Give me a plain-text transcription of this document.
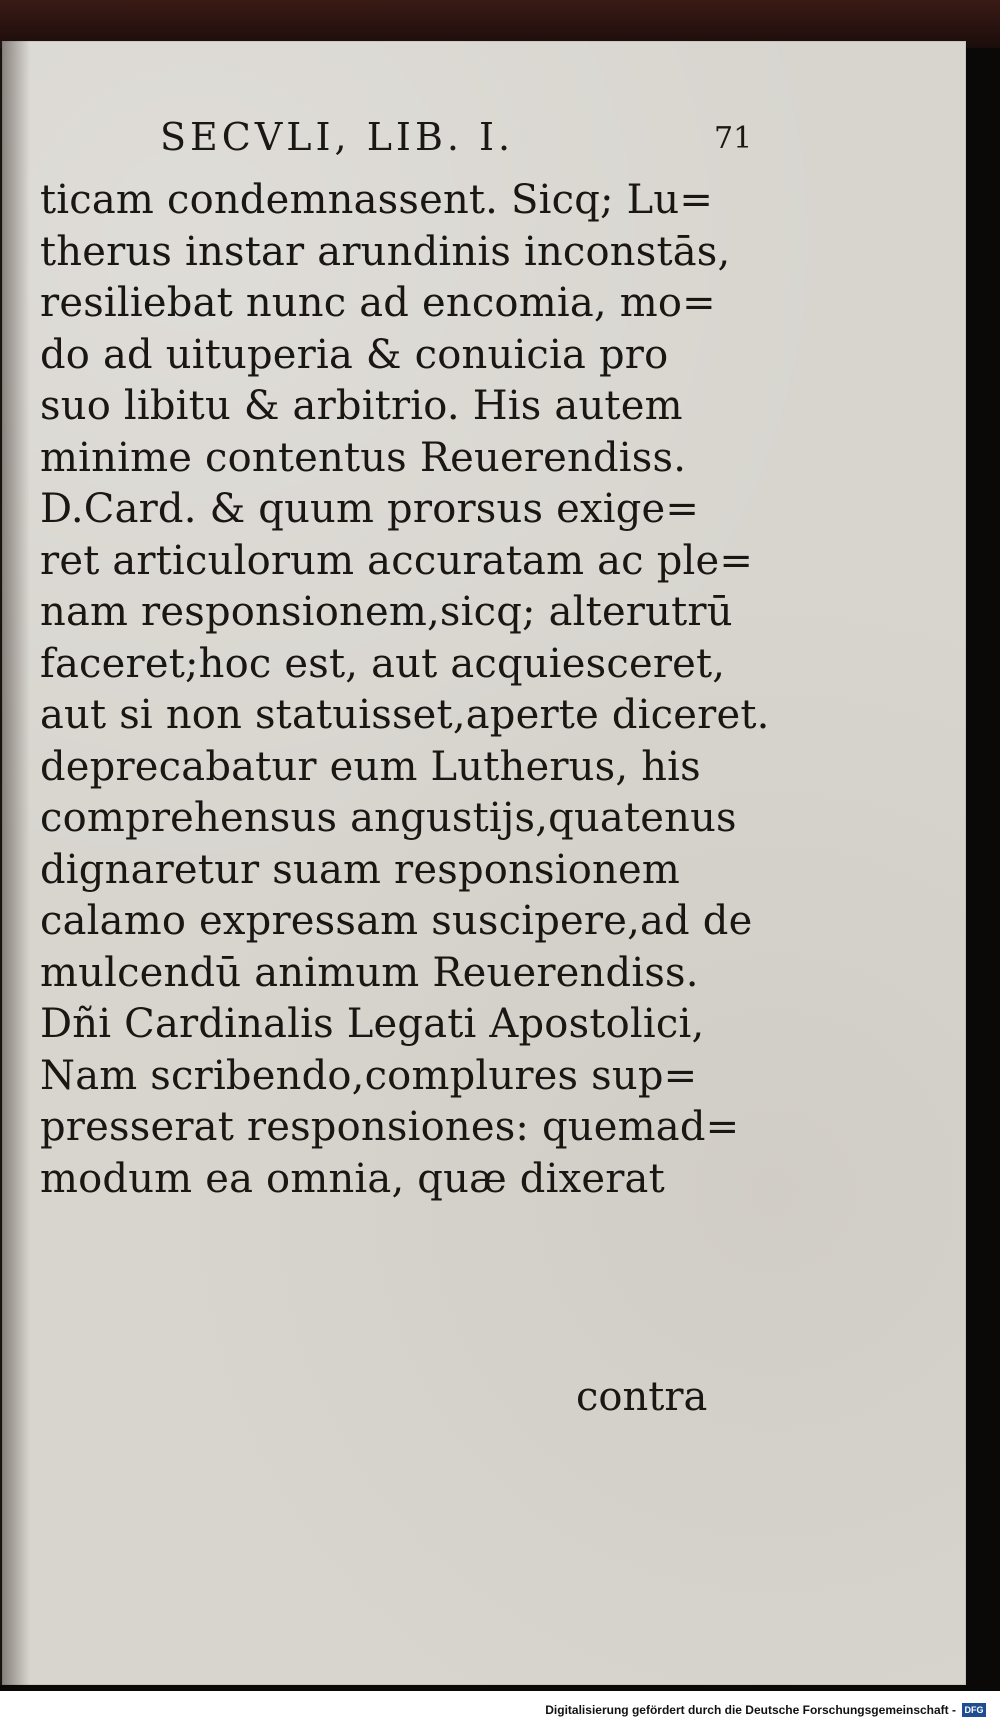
SECVLI, LIB. I.	71
ticam condemnassent. Sicq; Lu=
therus instar arundinis inconstās,
resiliebat nunc ad encomia, mo=
do ad uituperia & conuicia pro
suo libitu & arbitrio. His autem
minime contentus Reuerendiss.
D.Card. & quum prorsus exige=
ret articulorum accuratam ac ple=
nam responsionem,sicq; alterutrū
faceret;hoc est, aut acquiesceret,
aut si non statuisset,aperte diceret.
deprecabatur eum Lutherus, his
comprehensus angustijs,quatenus
dignaretur suam responsionem
calamo expressam suscipere,ad de
mulcendū animum Reuerendiss.
Dñi Cardinalis Legati Apostolici,
Nam scribendo,complures sup=
presserat responsiones: quemad=
modum ea omnia, quæ dixerat
contra
Digitalisierung gefördert durch die Deutsche Forschungsgemeinschaft - DFG
